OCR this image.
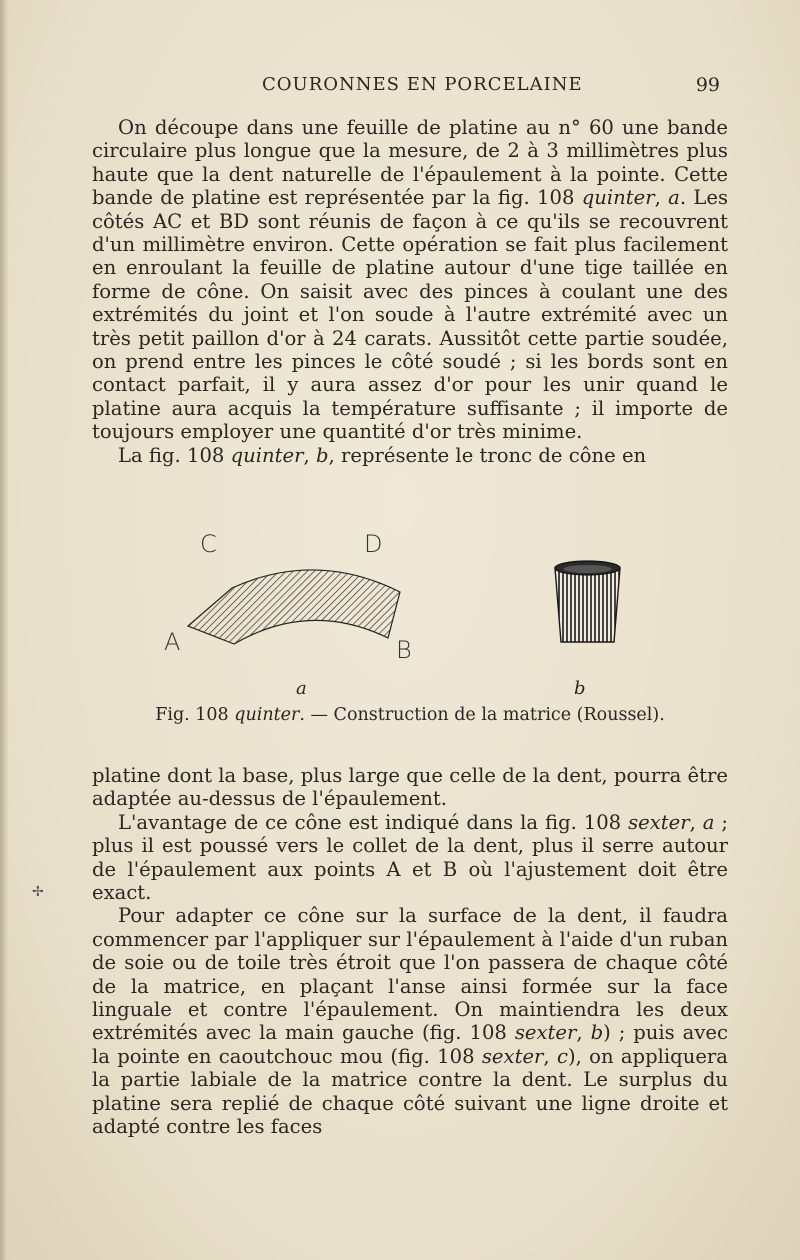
COURONNES EN PORCELAINE	99

On découpe dans une feuille de platine au n° 60 une bande circulaire plus longue que la mesure, de 2 à 3 millimètres plus haute que la dent naturelle de l'épaulement à la pointe. Cette bande de platine est représentée par la fig. 108 quinter, a. Les côtés AC et BD sont réunis de façon à ce qu'ils se recouvrent d'un millimètre environ. Cette opération se fait plus facilement en enroulant la feuille de platine autour d'une tige taillée en forme de cône. On saisit avec des pinces à coulant une des extrémités du joint et l'on soude à l'autre extrémité avec un très petit paillon d'or à 24 carats. Aussitôt cette partie soudée, on prend entre les pinces le côté soudé ; si les bords sont en contact parfait, il y aura assez d'or pour les unir quand le platine aura acquis la température suffisante ; il importe de toujours employer une quantité d'or très minime.

La fig. 108 quinter, b, représente le tronc de cône en

C	D
A	B
a	b
Fig. 108 quinter. — Construction de la matrice (Roussel).

platine dont la base, plus large que celle de la dent, pourra être adaptée au-dessus de l'épaulement.

L'avantage de ce cône est indiqué dans la fig. 108 sexter, a ; plus il est poussé vers le collet de la dent, plus il serre autour de l'épaulement aux points A et B où l'ajustement doit être exact.

Pour adapter ce cône sur la surface de la dent, il faudra commencer par l'appliquer sur l'épaulement à l'aide d'un ruban de soie ou de toile très étroit que l'on passera de chaque côté de la matrice, en plaçant l'anse ainsi formée sur la face linguale et contre l'épaulement. On maintiendra les deux extrémités avec la main gauche (fig. 108 sexter, b) ; puis avec la pointe en caoutchouc mou (fig. 108 sexter, c), on appliquera la partie labiale de la matrice contre la dent. Le surplus du platine sera replié de chaque côté suivant une ligne droite et adapté contre les faces

✢
